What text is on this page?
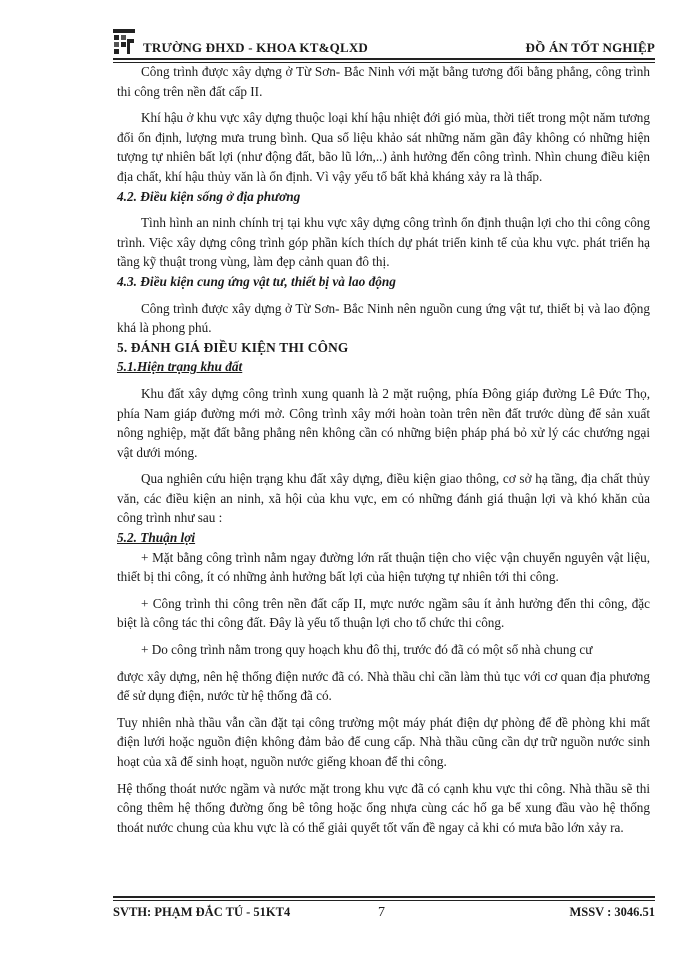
TRƯỜNG ĐHXD - KHOA KT&QLXD	ĐỒ ÁN TỐT NGHIỆP

Công trình được xây dựng ở Từ Sơn- Bắc Ninh với mặt bằng tương đối bằng phẳng, công trình thi công trên nền đất cấp II.

Khí hậu ở khu vực xây dựng thuộc loại khí hậu nhiệt đới gió mùa, thời tiết trong một năm tương đối ổn định, lượng mưa trung bình. Qua số liệu khảo sát những năm gần đây không có những hiện tượng tự nhiên bất lợi (như động đất, bão lũ lớn,..) ảnh hưởng đến công trình. Nhìn chung điều kiện địa chất, khí hậu thủy văn là ổn định. Vì vậy yếu tố bất khả kháng xảy ra là thấp.

4.2. Điều kiện sống ở địa phương

Tình hình an ninh chính trị tại khu vực xây dựng công trình ổn định thuận lợi cho thi công công trình. Việc xây dựng công trình góp phần kích thích dự phát triển kinh tế của khu vực. phát triển hạ tầng kỹ thuật trong vùng, làm đẹp cảnh quan đô thị.

4.3. Điều kiện cung ứng vật tư, thiết bị và lao động

Công trình được xây dựng ở Từ Sơn- Bắc Ninh nên nguồn cung ứng vật tư, thiết bị và lao động khá là phong phú.

5. ĐÁNH GIÁ ĐIỀU KIỆN THI CÔNG

5.1.Hiện trạng khu đất

Khu đất xây dựng công trình xung quanh là 2 mặt ruộng, phía Đông giáp đường Lê Đức Thọ, phía Nam giáp đường mới mở. Công trình xây mới hoàn toàn trên nền đất trước dùng để sản xuất nông nghiệp, mặt đất bằng phẳng nên không cần có những biện pháp phá bỏ xử lý các chướng ngại vật dưới móng.

Qua nghiên cứu hiện trạng khu đất xây dựng, điều kiện giao thông, cơ sở hạ tầng, địa chất thủy văn, các điều kiện an ninh, xã hội của khu vực, em có những đánh giá thuận lợi và khó khăn của công trình như sau :

5.2. Thuận lợi

+ Mặt bằng công trình nằm ngay đường lớn rất thuận tiện cho việc vận chuyển nguyên vật liệu, thiết bị thi công, ít có những ảnh hưởng bất lợi của hiện tượng tự nhiên tới thi công.

+ Công trình thi công trên nền đất cấp II, mực nước ngầm sâu ít ảnh hưởng đến thi công, đặc biệt là công tác thi công đất. Đây là yếu tố thuận lợi cho tổ chức thi công.

+ Do công trình nằm trong quy hoạch khu đô thị, trước đó đã có một số nhà chung cư

được xây dựng, nên hệ thống điện nước đã có. Nhà thầu chỉ cần làm thủ tục với cơ quan địa phương để sử dụng điện, nước từ hệ thống đã có.

Tuy nhiên nhà thầu vẫn cần đặt tại công trường một máy phát điện dự phòng để đề phòng khi mất điện lưới hoặc nguồn điện không đảm bảo để cung cấp. Nhà thầu cũng cần dự trữ nguồn nước sinh hoạt của xã để sinh hoạt, nguồn nước giếng khoan để thi công.

Hệ thống thoát nước ngầm và nước mặt trong khu vực đã có cạnh khu vực thi công. Nhà thầu sẽ thi công thêm hệ thống đường ống bê tông hoặc ống nhựa cùng các hố ga bể xung đầu vào hệ thống thoát nước chung của khu vực là có thể giải quyết tốt vấn đề ngay cả khi có mưa bão lớn xảy ra.

SVTH: PHẠM ĐẮC TÚ - 51KT4	7	MSSV : 3046.51
